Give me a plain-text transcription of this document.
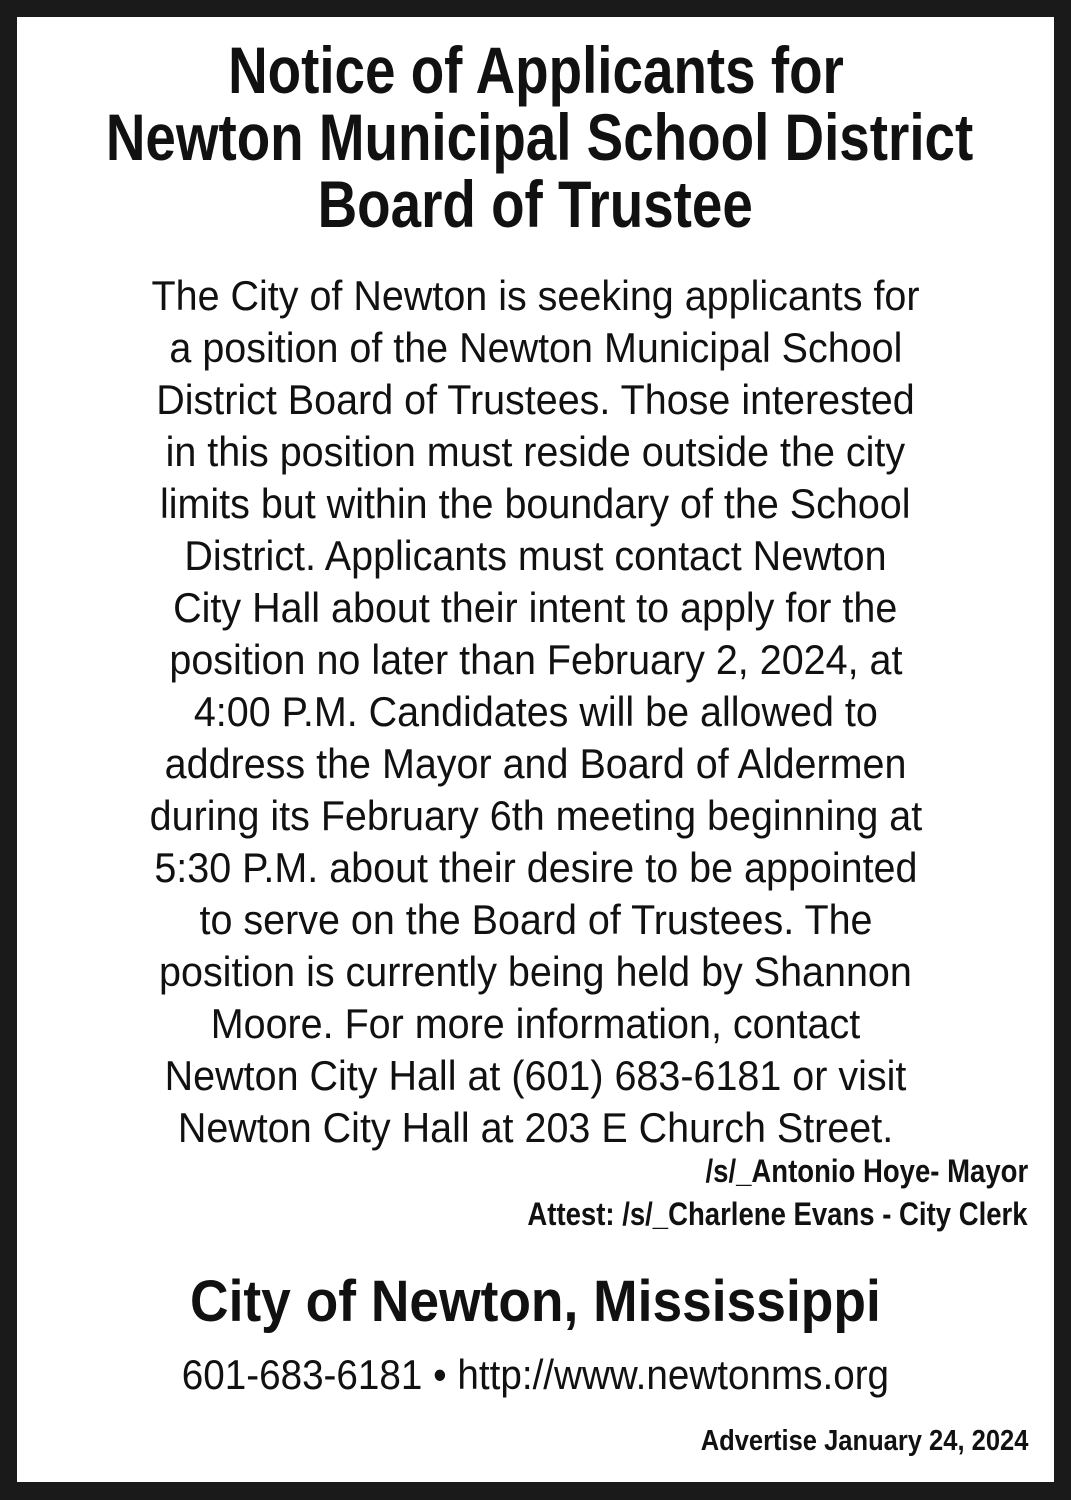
Notice of Applicants for
Newton Municipal School District
Board of Trustee
The City of Newton is seeking applicants for
a position of the Newton Municipal School
District Board of Trustees. Those interested
in this position must reside outside the city
limits but within the boundary of the School
District. Applicants must contact Newton
City Hall about their intent to apply for the
position no later than February 2, 2024, at
4:00 P.M. Candidates will be allowed to
address the Mayor and Board of Aldermen
during its February 6th meeting beginning at
5:30 P.M. about their desire to be appointed
to serve on the Board of Trustees. The
position is currently being held by Shannon
Moore. For more information, contact
Newton City Hall at (601) 683-6181 or visit
Newton City Hall at 203 E Church Street.
/s/_Antonio Hoye- Mayor
Attest: /s/_Charlene Evans - City Clerk
City of Newton, Mississippi
601-683-6181 • http://www.newtonms.org
Advertise January 24, 2024
